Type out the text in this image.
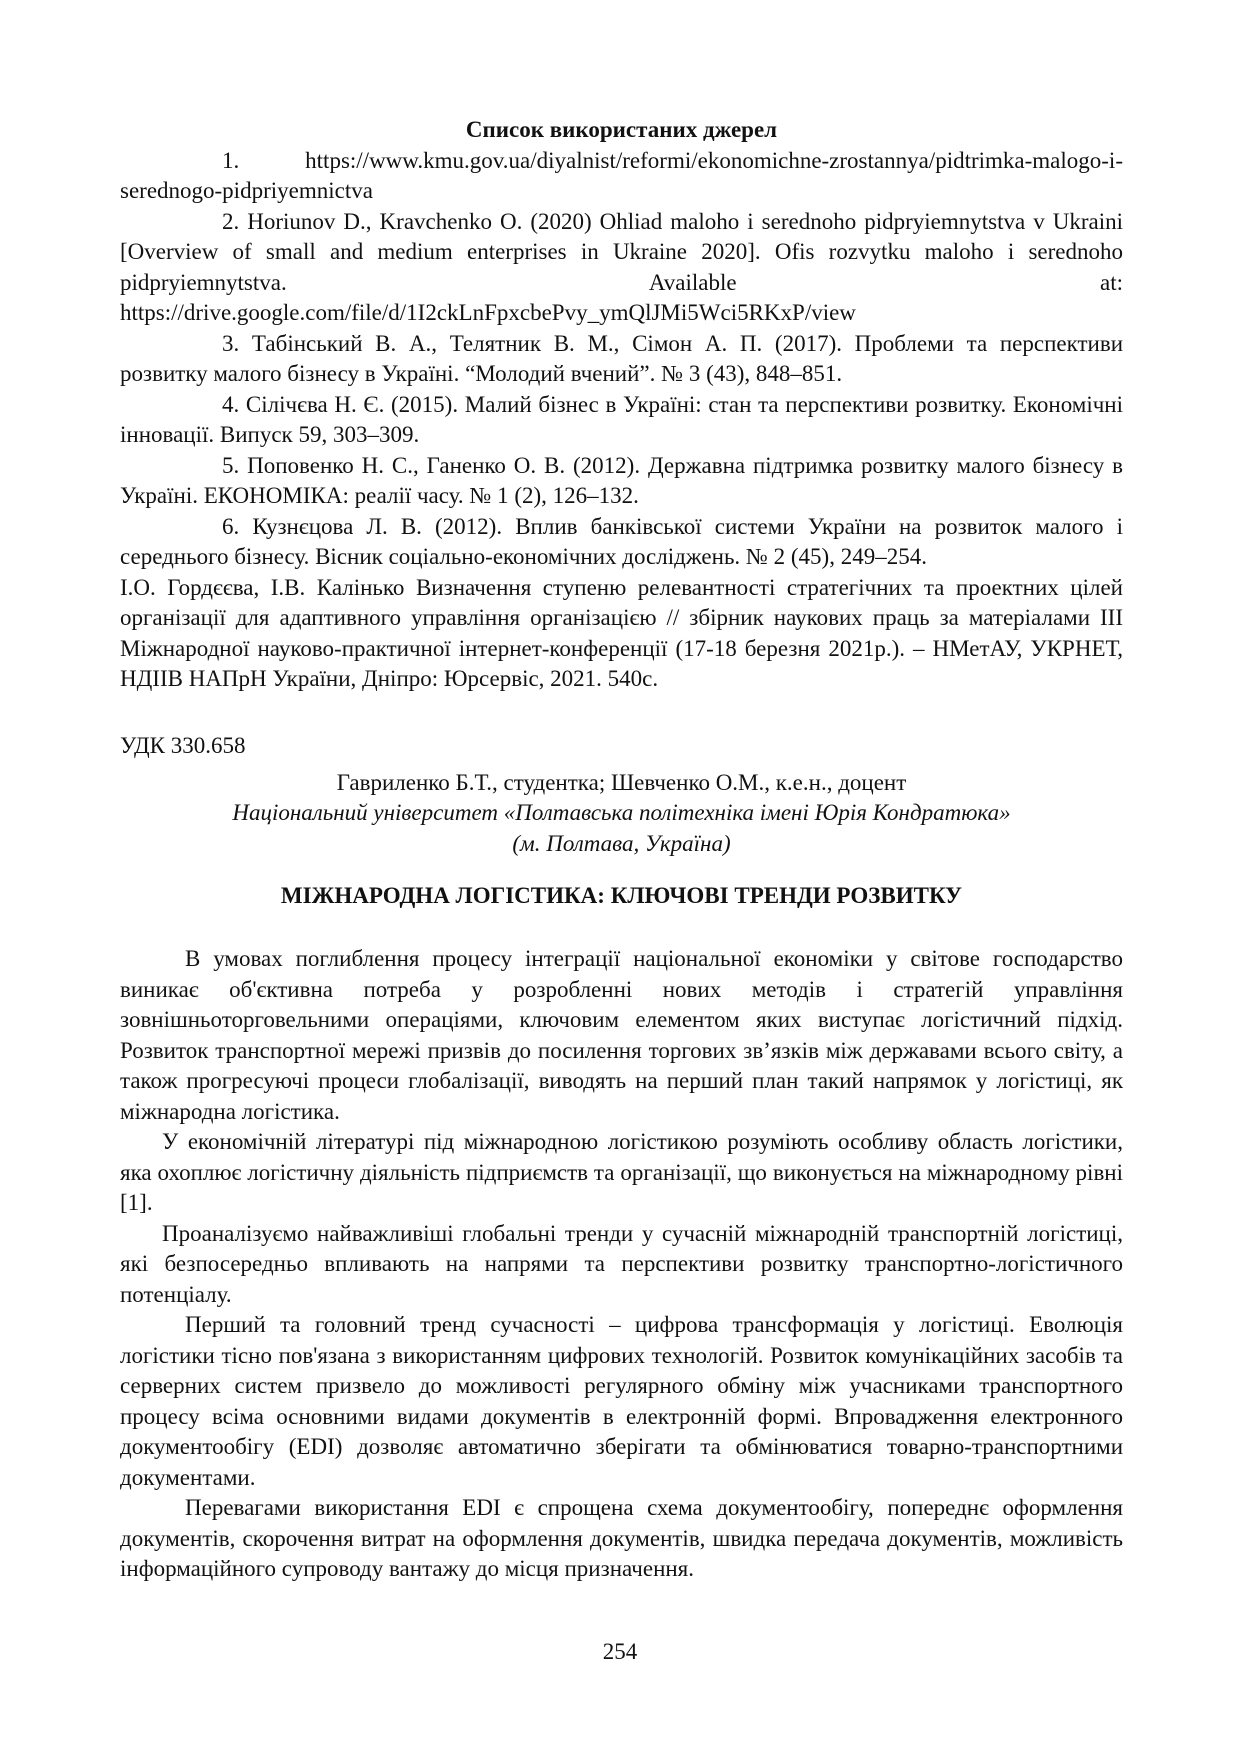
Список використаних джерел

1. https://www.kmu.gov.ua/diyalnist/reformi/ekonomichne-zrostannya/pidtrimka-malogo-i-serednogo-pidpriyemnictva

2. Horiunov D., Kravchenko O. (2020) Ohliad maloho i serednoho pidpryiemnytstva v Ukraini [Overview of small and medium enterprises in Ukraine 2020]. Ofis rozvytku maloho i serednoho pidpryiemnytstva. Available at: https://drive.google.com/file/d/1I2ckLnFpxcbePvy_ymQlJMi5Wci5RKxP/view

3. Табінський В. А., Телятник В. М., Сімон А. П. (2017). Проблеми та перспективи розвитку малого бізнесу в Україні. “Молодий вчений”. № 3 (43), 848–851.

4. Сілічєва Н. Є. (2015). Малий бізнес в Україні: стан та перспективи розвитку. Економічні інновації. Випуск 59, 303–309.

5. Поповенко Н. С., Ганенко О. В. (2012). Державна підтримка розвитку малого бізнесу в Україні. ЕКОНОМІКА: реалії часу. № 1 (2), 126–132.

6. Кузнєцова Л. В. (2012). Вплив банківської системи України на розвиток малого і середнього бізнесу. Вісник соціально-економічних досліджень. № 2 (45), 249–254.

І.О. Гордєєва, І.В. Калінько Визначення ступеню релевантності стратегічних та проектних цілей організації для адаптивного управління організацією // збірник наукових праць за матеріалами III Міжнародної науково-практичної інтернет-конференції (17-18 березня 2021р.). – НМетАУ, УКРНЕТ, НДІІВ НАПрН України, Дніпро: Юрсервіс, 2021. 540с.

УДК 330.658

Гавриленко Б.Т., студентка; Шевченко О.М., к.е.н., доцент

Національний університет «Полтавська політехніка імені Юрія Кондратюка»

(м. Полтава, Україна)

МІЖНАРОДНА ЛОГІСТИКА: КЛЮЧОВІ ТРЕНДИ РОЗВИТКУ

В умовах поглиблення процесу інтеграції національної економіки у світове господарство виникає об'єктивна потреба у розробленні нових методів і стратегій управління зовнішньоторговельними операціями, ключовим елементом яких виступає логістичний підхід. Розвиток транспортної мережі призвів до посилення торгових зв’язків між державами всього світу, а також прогресуючі процеси глобалізації, виводять на перший план такий напрямок у логістиці, як міжнародна логістика.

У економічній літературі під міжнародною логістикою розуміють особливу область логістики, яка охоплює логістичну діяльність підприємств та організації, що виконується на міжнародному рівні [1].

Проаналізуємо найважливіші глобальні тренди у сучасній міжнародній транспортній логістиці, які безпосередньо впливають на напрями та перспективи розвитку транспортно-логістичного потенціалу.

Перший та головний тренд сучасності – цифрова трансформація у логістиці. Еволюція логістики тісно пов'язана з використанням цифрових технологій. Розвиток комунікаційних засобів та серверних систем призвело до можливості регулярного обміну між учасниками транспортного процесу всіма основними видами документів в електронній формі. Впровадження електронного документообігу (EDI) дозволяє автоматично зберігати та обмінюватися товарно-транспортними документами.

Перевагами використання EDI є спрощена схема документообігу, попереднє оформлення документів, скорочення витрат на оформлення документів, швидка передача документів, можливість інформаційного супроводу вантажу до місця призначення.

254
